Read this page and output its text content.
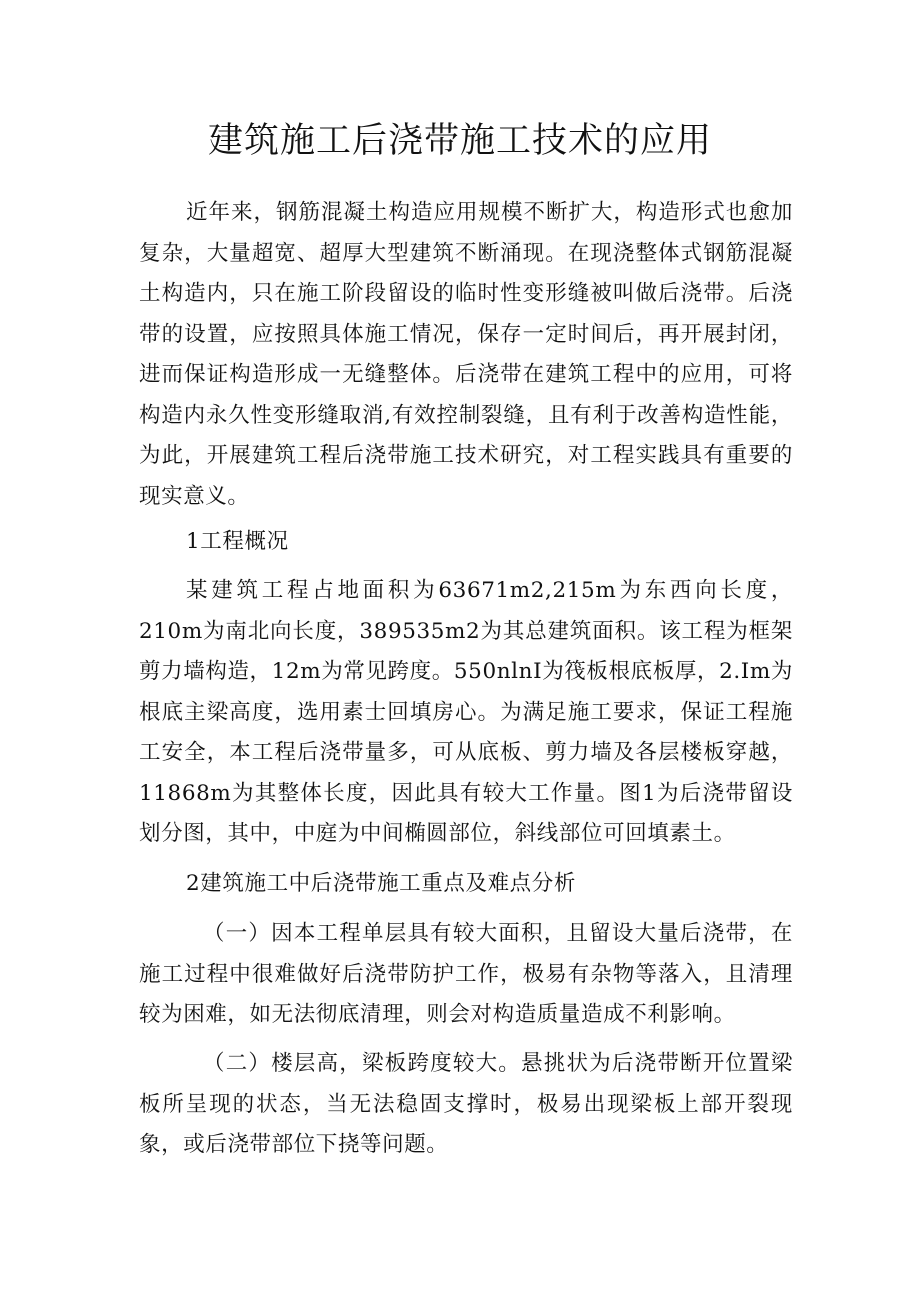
建筑施工后浇带施工技术的应用

近年来，钢筋混凝土构造应用规模不断扩大，构造形式也愈加复杂，大量超宽、超厚大型建筑不断涌现。在现浇整体式钢筋混凝土构造内，只在施工阶段留设的临时性变形缝被叫做后浇带。后浇带的设置，应按照具体施工情况，保存一定时间后，再开展封闭，进而保证构造形成一无缝整体。后浇带在建筑工程中的应用，可将构造内永久性变形缝取消,有效控制裂缝，且有利于改善构造性能，为此，开展建筑工程后浇带施工技术研究，对工程实践具有重要的现实意义。

1工程概况

某建筑工程占地面积为63671m2,215m为东西向长度，210m为南北向长度，389535m2为其总建筑面积。该工程为框架剪力墙构造，12m为常见跨度。550nlnI为筏板根底板厚，2.Im为根底主梁高度，选用素士回填房心。为满足施工要求，保证工程施工安全，本工程后浇带量多，可从底板、剪力墙及各层楼板穿越，11868m为其整体长度，因此具有较大工作量。图1为后浇带留设划分图，其中，中庭为中间椭圆部位，斜线部位可回填素土。

2建筑施工中后浇带施工重点及难点分析

（一）因本工程单层具有较大面积，且留设大量后浇带，在施工过程中很难做好后浇带防护工作，极易有杂物等落入，且清理较为困难，如无法彻底清理，则会对构造质量造成不利影响。

（二）楼层高，梁板跨度较大。悬挑状为后浇带断开位置梁板所呈现的状态，当无法稳固支撑时，极易出现梁板上部开裂现象，或后浇带部位下挠等问题。
